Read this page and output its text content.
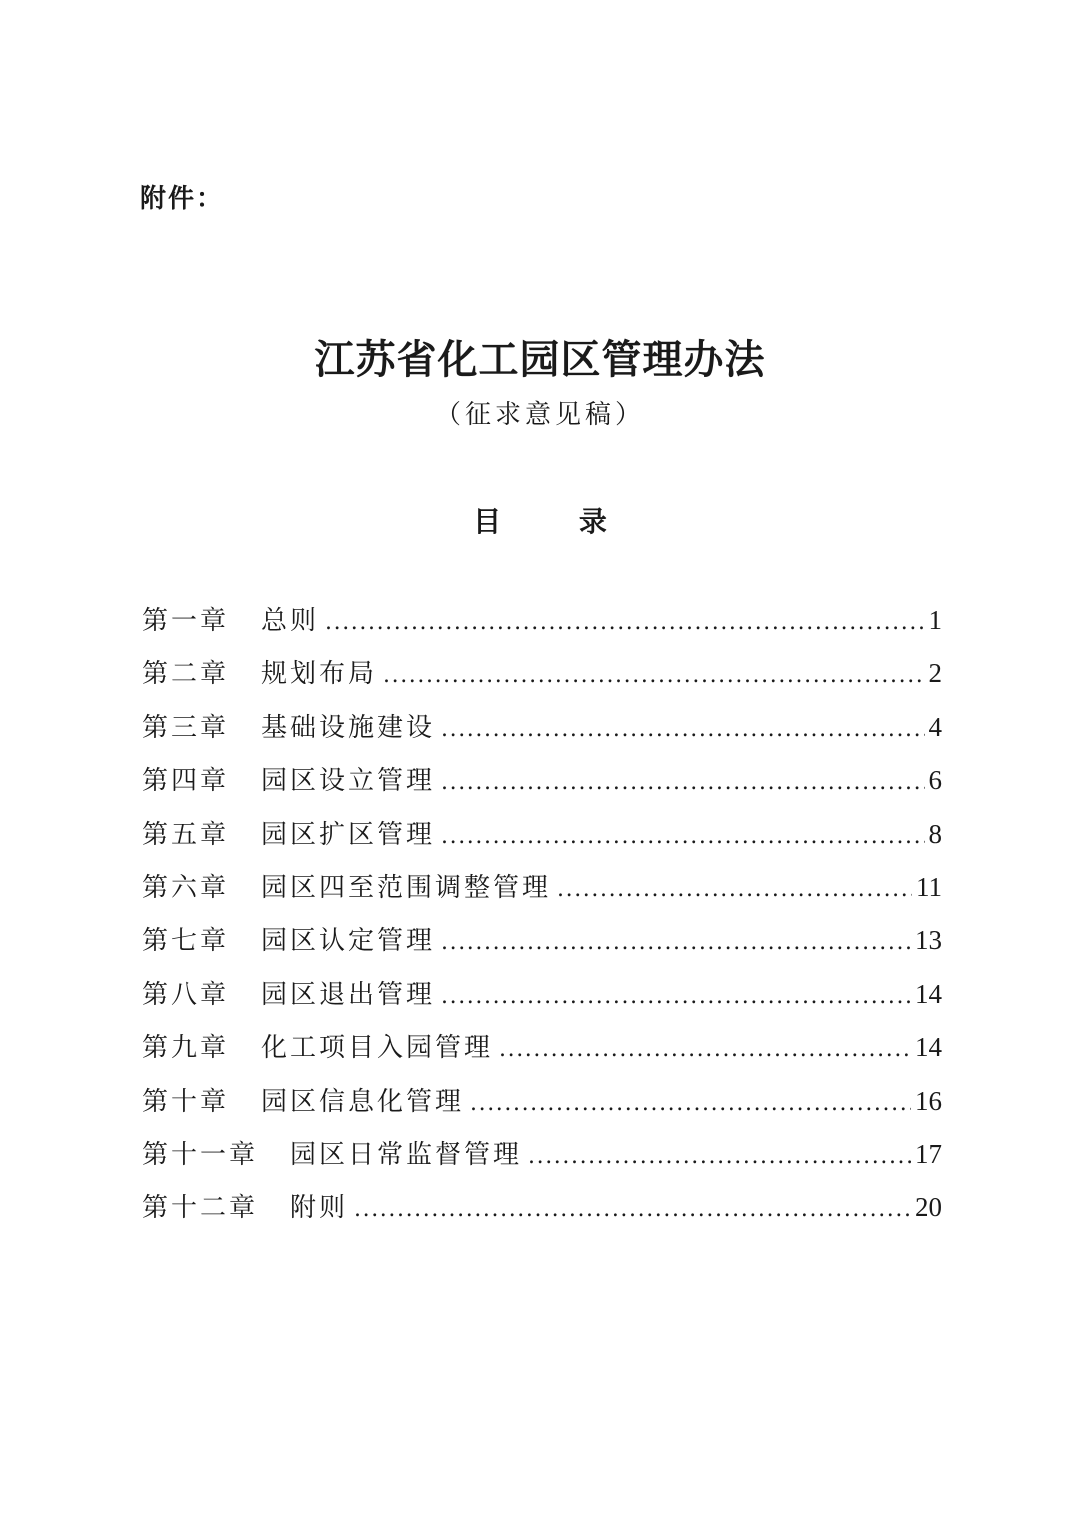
附件：

江苏省化工园区管理办法

（征求意见稿）

目 录
第一章 总则 .....	1
第二章 规划布局 .....	2
第三章 基础设施建设 .....	4
第四章 园区设立管理 .....	6
第五章 园区扩区管理 .....	8
第六章 园区四至范围调整管理 .....	11
第七章 园区认定管理 .....	13
第八章 园区退出管理 .....	14
第九章 化工项目入园管理 .....	14
第十章 园区信息化管理 .....	16
第十一章 园区日常监督管理 .....	17
第十二章 附则 .....	20
